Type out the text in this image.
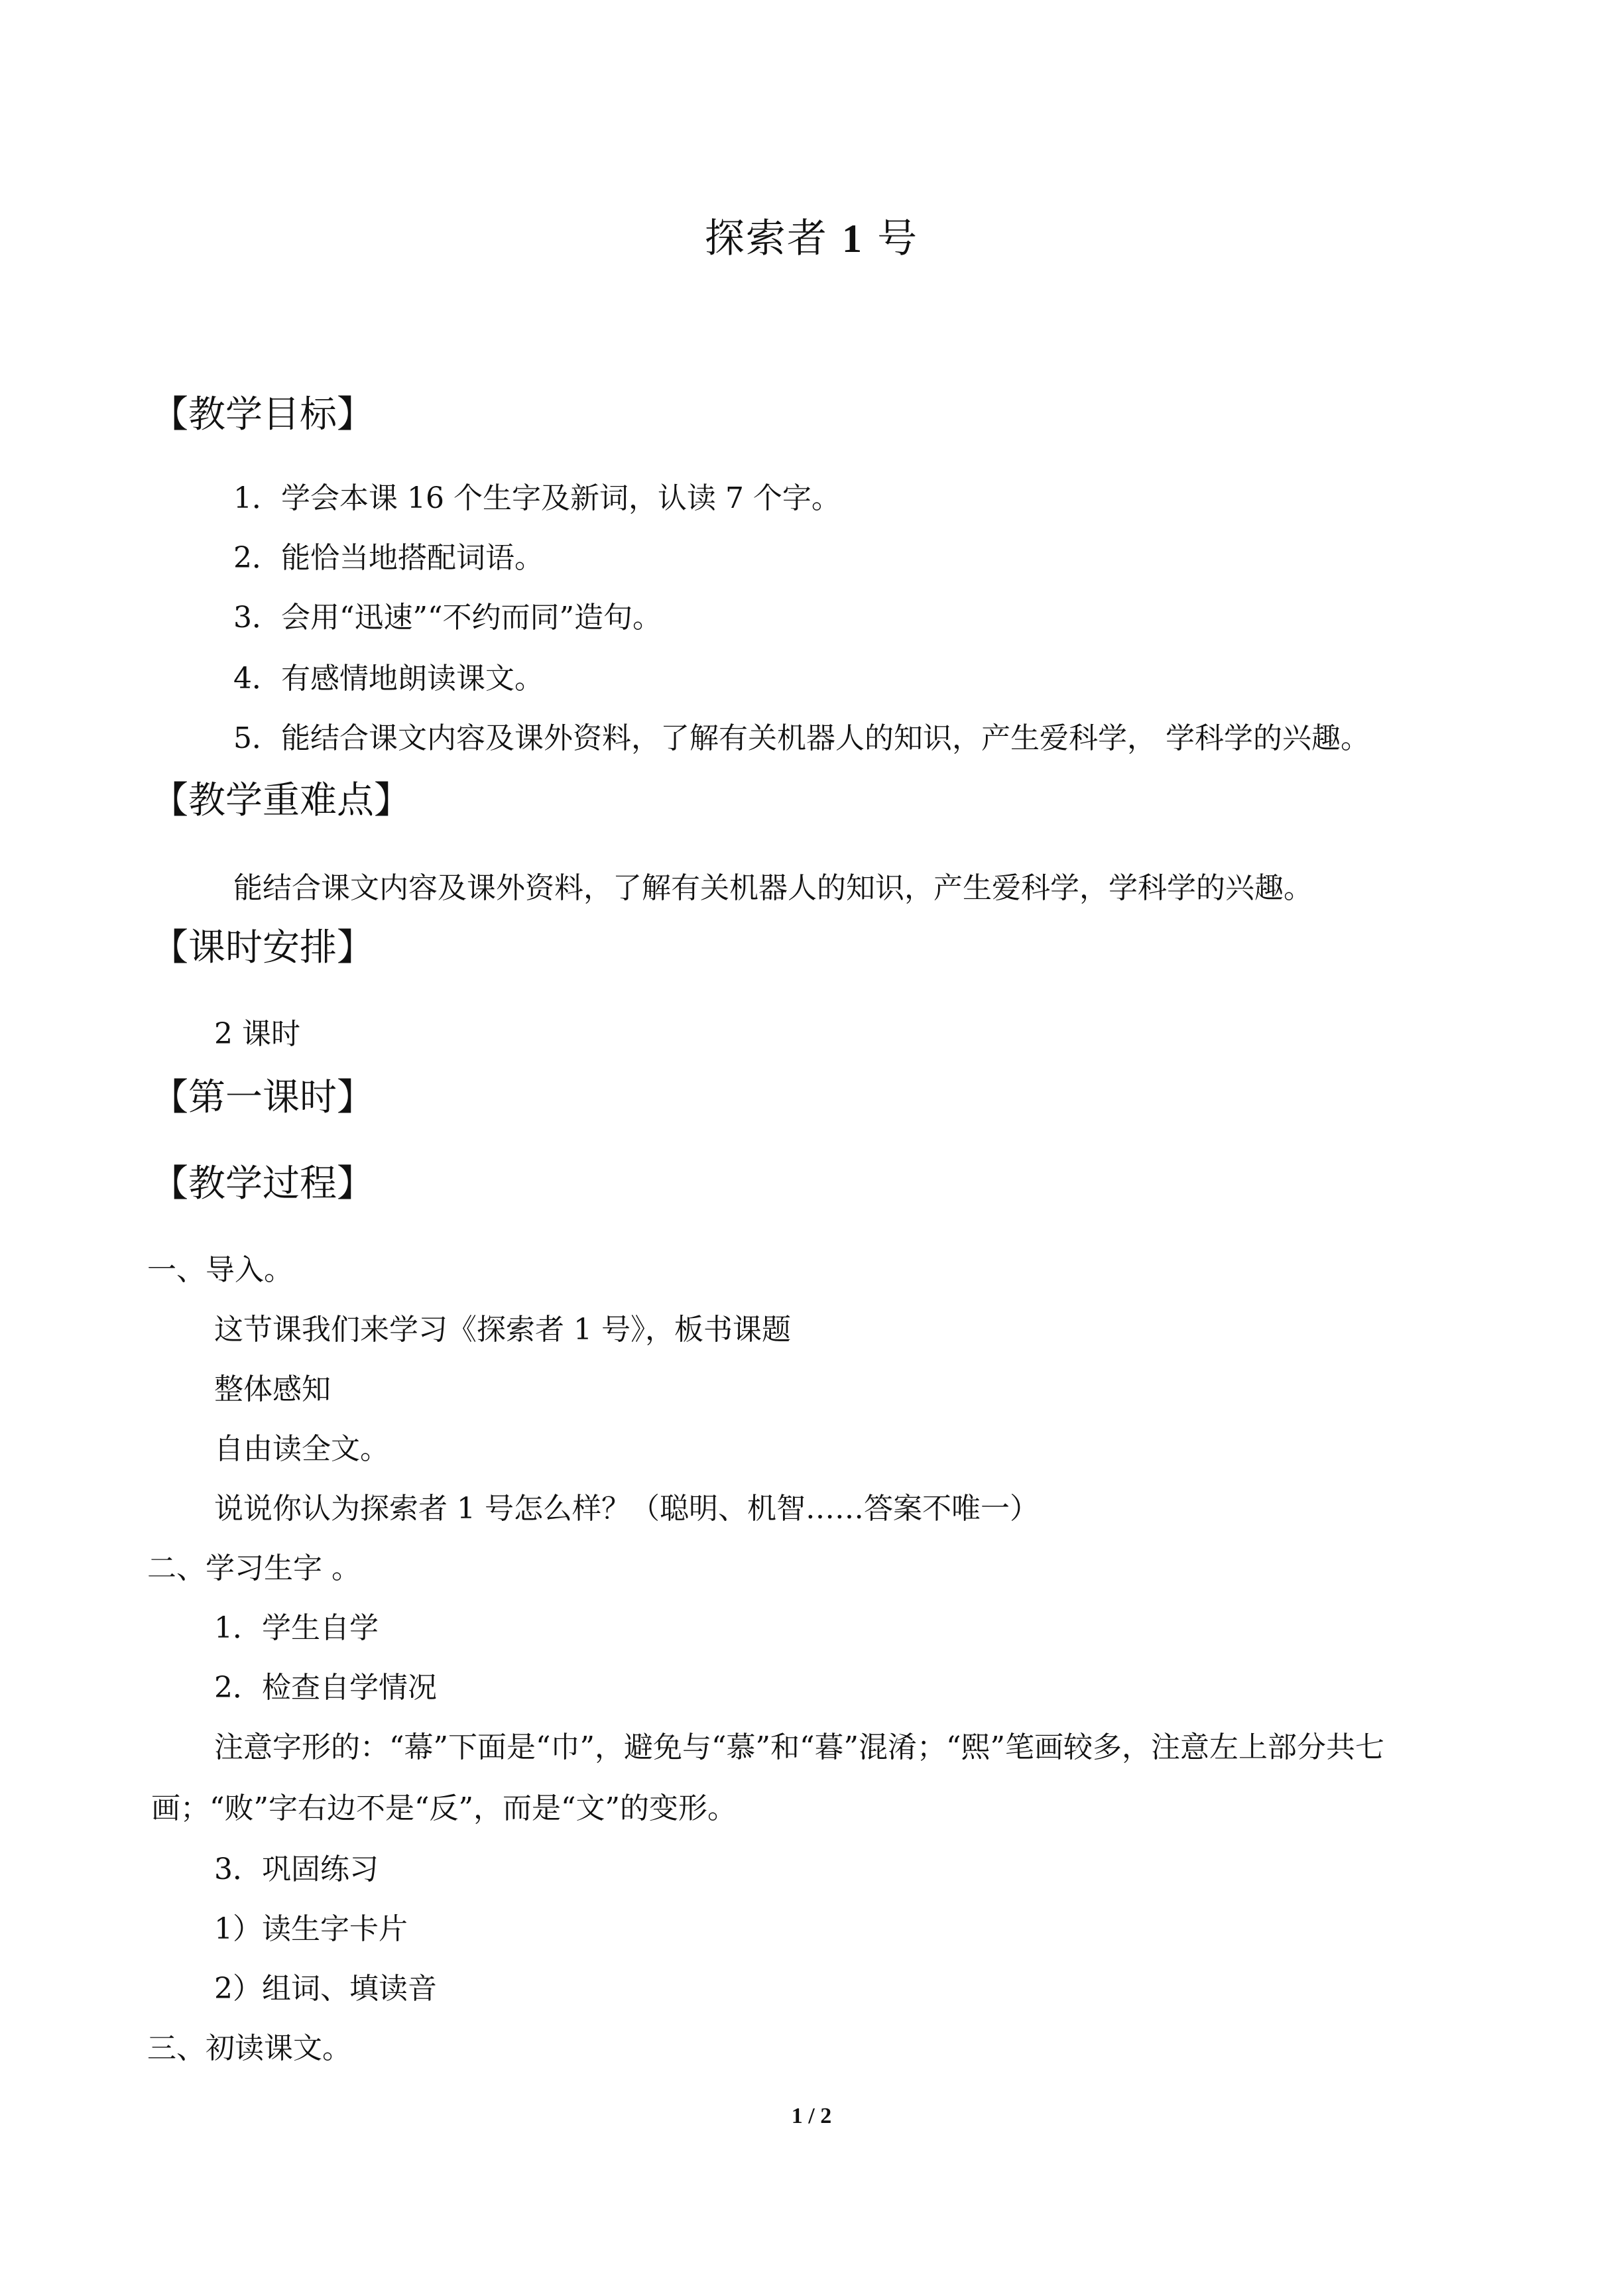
探索者 1 号
【教学目标】
1．学会本课 16 个生字及新词，认读 7 个字。
2．能恰当地搭配词语。
3．会用“迅速”“不约而同”造句。
4．有感情地朗读课文。
5．能结合课文内容及课外资料，了解有关机器人的知识，产生爱科学， 学科学的兴趣。
【教学重难点】
能结合课文内容及课外资料，了解有关机器人的知识，产生爱科学，学科学的兴趣。
【课时安排】
2 课时
【第一课时】
【教学过程】
一、导入。
这节课我们来学习《探索者 1 号》，板书课题
整体感知
自由读全文。
说说你认为探索者 1 号怎么样？（聪明、机智……答案不唯一）
二、学习生字 。
1．学生自学
2．检查自学情况
注意字形的：“幕”下面是“巾”，避免与“慕”和“暮”混淆；“熙”笔画较多，注意左上部分共七画；“败”字右边不是“反”，而是“文”的变形。
3．巩固练习
1）读生字卡片
2）组词、填读音
三、初读课文。
1 / 2
